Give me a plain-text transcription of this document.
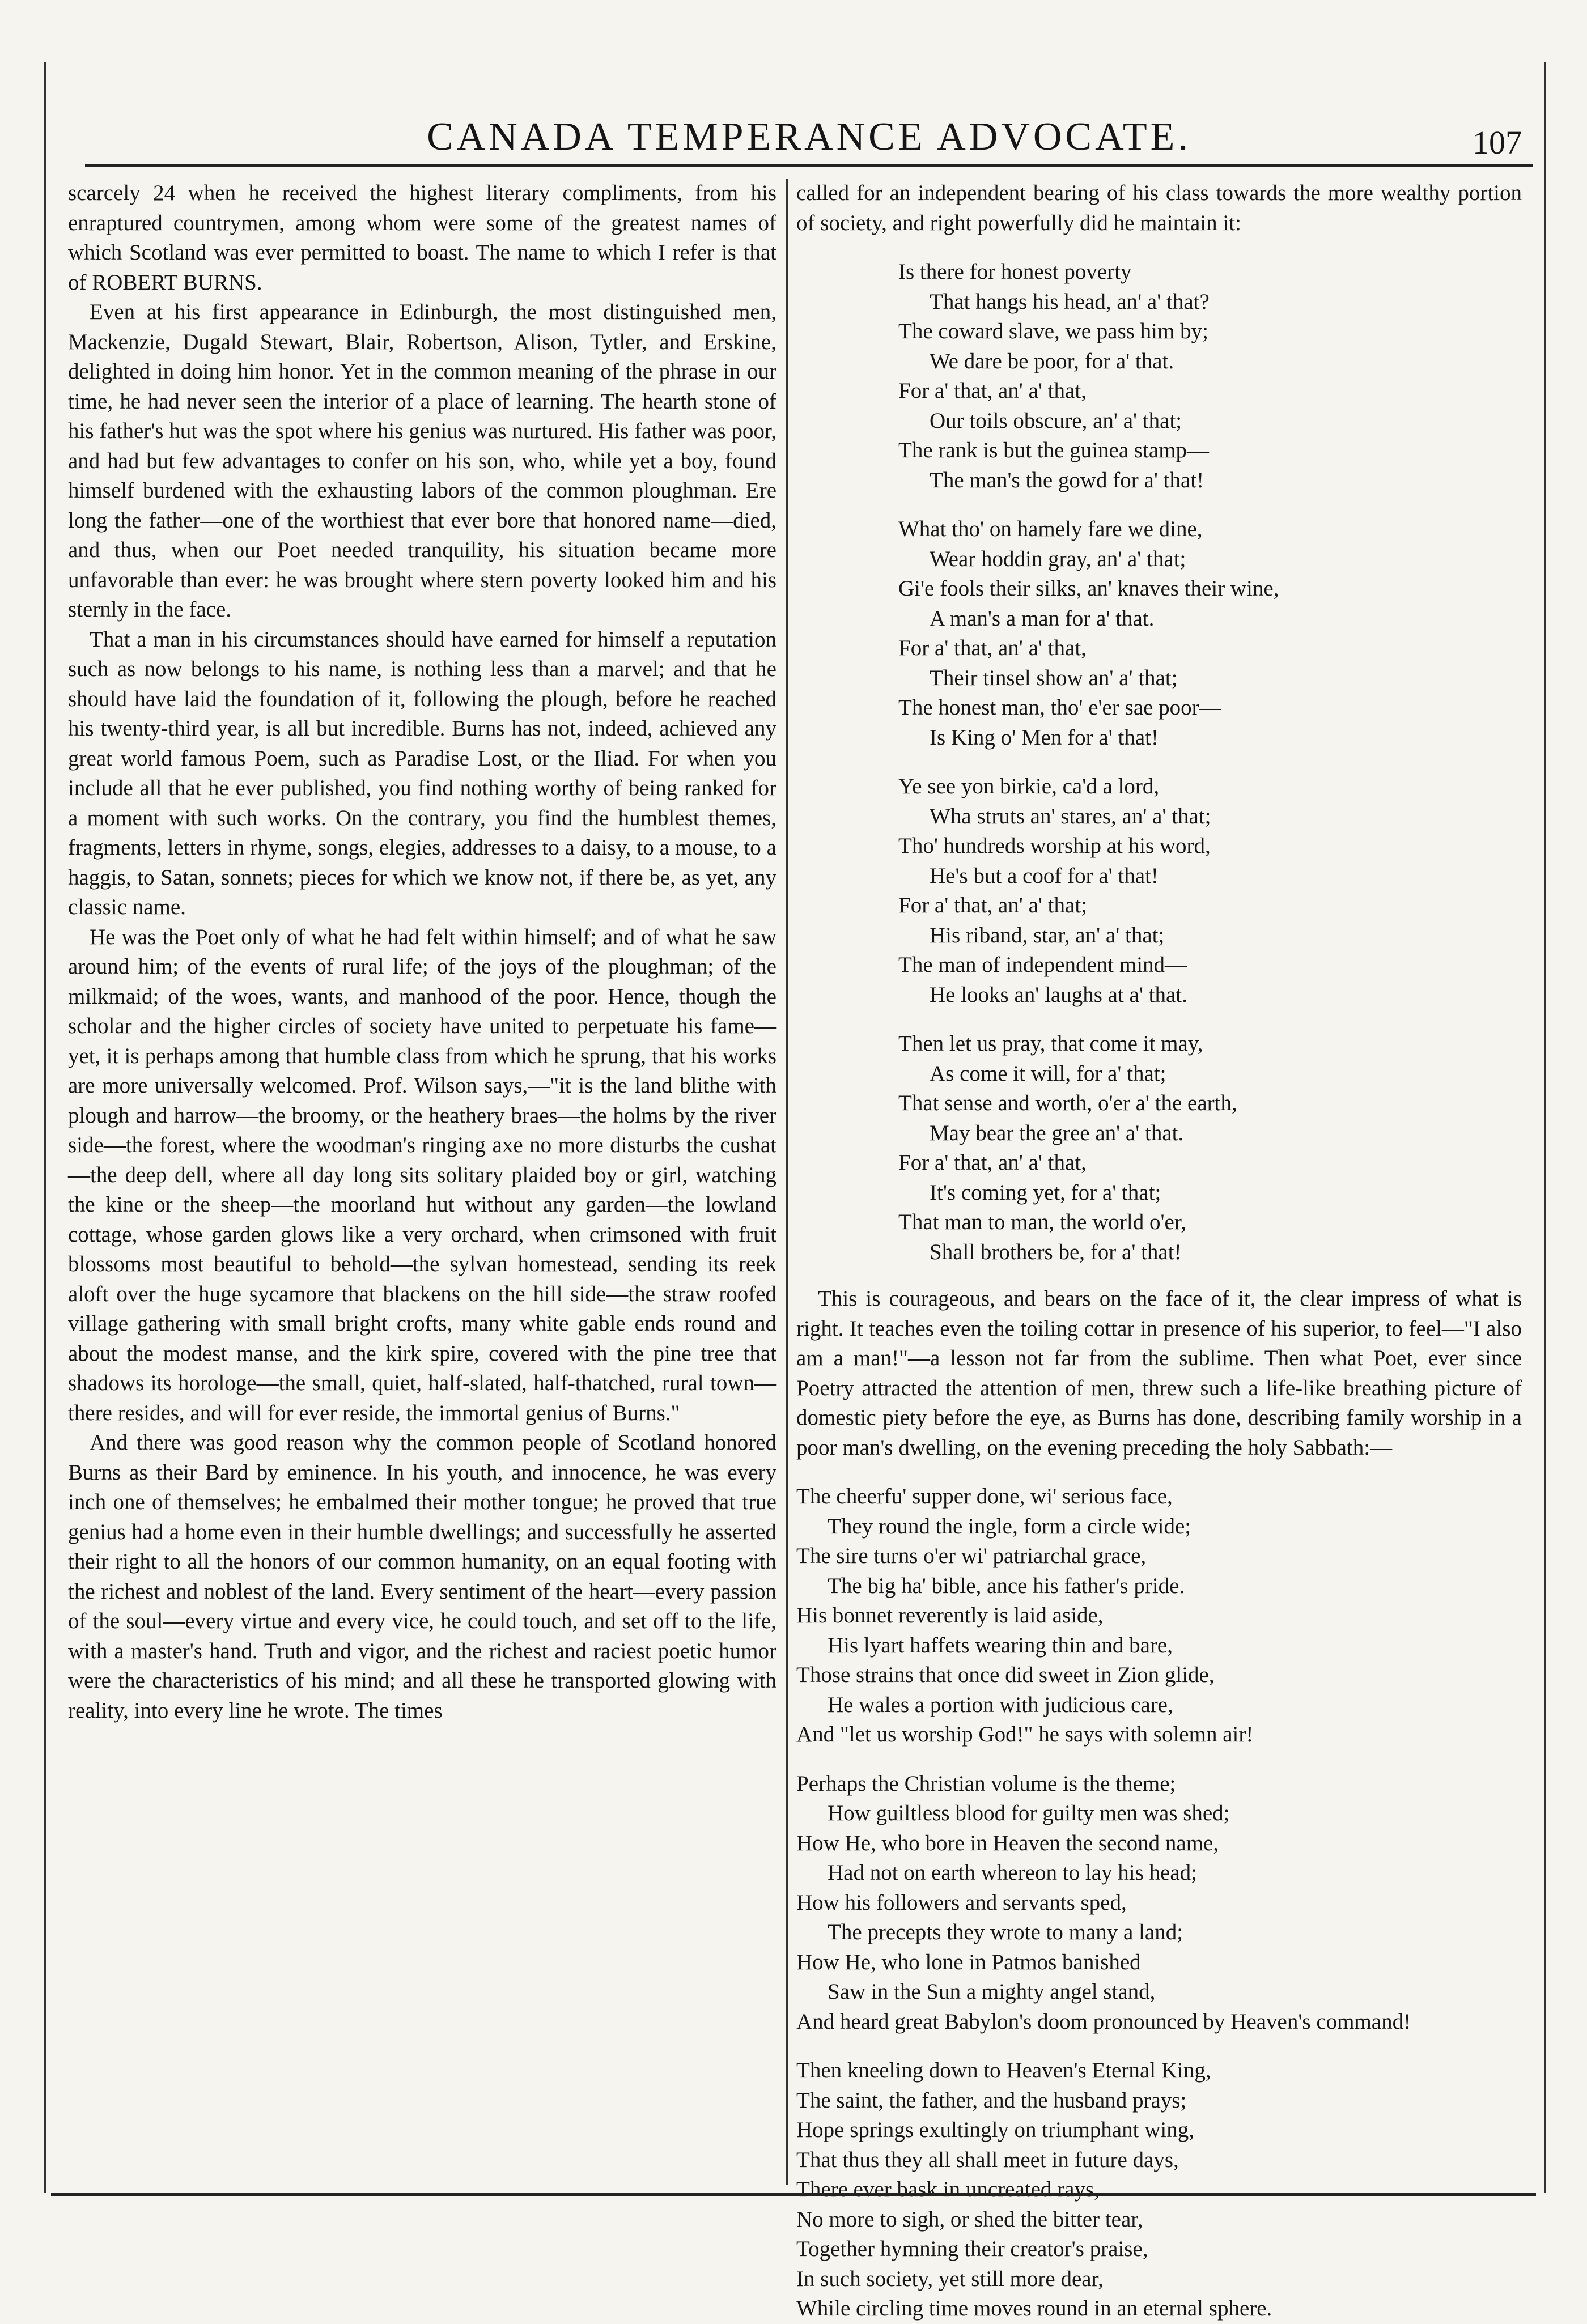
CANADA TEMPERANCE ADVOCATE.	107

scarcely 24 when he received the highest literary compliments, from his enraptured countrymen, among whom were some of the greatest names of which Scotland was ever permitted to boast. The name to which I refer is that of ROBERT BURNS.

Even at his first appearance in Edinburgh, the most distinguished men, Mackenzie, Dugald Stewart, Blair, Robertson, Alison, Tytler, and Erskine, delighted in doing him honor. Yet in the common meaning of the phrase in our time, he had never seen the interior of a place of learning. The hearth stone of his father's hut was the spot where his genius was nurtured. His father was poor, and had but few advantages to confer on his son, who, while yet a boy, found himself burdened with the exhausting labors of the common ploughman. Ere long the father—one of the worthiest that ever bore that honored name—died, and thus, when our Poet needed tranquility, his situation became more unfavorable than ever: he was brought where stern poverty looked him and his sternly in the face.

That a man in his circumstances should have earned for himself a reputation such as now belongs to his name, is nothing less than a marvel; and that he should have laid the foundation of it, following the plough, before he reached his twenty-third year, is all but incredible. Burns has not, indeed, achieved any great world famous Poem, such as Paradise Lost, or the Iliad. For when you include all that he ever published, you find nothing worthy of being ranked for a moment with such works. On the contrary, you find the humblest themes, fragments, letters in rhyme, songs, elegies, addresses to a daisy, to a mouse, to a haggis, to Satan, sonnets; pieces for which we know not, if there be, as yet, any classic name.

He was the Poet only of what he had felt within himself; and of what he saw around him; of the events of rural life; of the joys of the ploughman; of the milkmaid; of the woes, wants, and manhood of the poor. Hence, though the scholar and the higher circles of society have united to perpetuate his fame—yet, it is perhaps among that humble class from which he sprung, that his works are more universally welcomed. Prof. Wilson says,—"it is the land blithe with plough and harrow—the broomy, or the heathery braes—the holms by the river side—the forest, where the woodman's ringing axe no more disturbs the cushat—the deep dell, where all day long sits solitary plaided boy or girl, watching the kine or the sheep—the moorland hut without any garden—the lowland cottage, whose garden glows like a very orchard, when crimsoned with fruit blossoms most beautiful to behold—the sylvan homestead, sending its reek aloft over the huge sycamore that blackens on the hill side—the straw roofed village gathering with small bright crofts, many white gable ends round and about the modest manse, and the kirk spire, covered with the pine tree that shadows its horologe—the small, quiet, half-slated, half-thatched, rural town—there resides, and will for ever reside, the immortal genius of Burns."

And there was good reason why the common people of Scotland honored Burns as their Bard by eminence. In his youth, and innocence, he was every inch one of themselves; he embalmed their mother tongue; he proved that true genius had a home even in their humble dwellings; and successfully he asserted their right to all the honors of our common humanity, on an equal footing with the richest and noblest of the land. Every sentiment of the heart—every passion of the soul—every virtue and every vice, he could touch, and set off to the life, with a master's hand. Truth and vigor, and the richest and raciest poetic humor were the characteristics of his mind; and all these he transported glowing with reality, into every line he wrote. The times

called for an independent bearing of his class towards the more wealthy portion of society, and right powerfully did he maintain it:

Is there for honest poverty
That hangs his head, an' a' that?
The coward slave, we pass him by;
We dare be poor, for a' that.
For a' that, an' a' that,
Our toils obscure, an' a' that;
The rank is but the guinea stamp—
The man's the gowd for a' that!
What tho' on hamely fare we dine,
Wear hoddin gray, an' a' that;
Gi'e fools their silks, an' knaves their wine,
A man's a man for a' that.
For a' that, an' a' that,
Their tinsel show an' a' that;
The honest man, tho' e'er sae poor—
Is King o' Men for a' that!
Ye see yon birkie, ca'd a lord,
Wha struts an' stares, an' a' that;
Tho' hundreds worship at his word,
He's but a coof for a' that!
For a' that, an' a' that;
His riband, star, an' a' that;
The man of independent mind—
He looks an' laughs at a' that.
Then let us pray, that come it may,
As come it will, for a' that;
That sense and worth, o'er a' the earth,
May bear the gree an' a' that.
For a' that, an' a' that,
It's coming yet, for a' that;
That man to man, the world o'er,
Shall brothers be, for a' that!

This is courageous, and bears on the face of it, the clear impress of what is right. It teaches even the toiling cottar in presence of his superior, to feel—"I also am a man!"—a lesson not far from the sublime. Then what Poet, ever since Poetry attracted the attention of men, threw such a life-like breathing picture of domestic piety before the eye, as Burns has done, describing family worship in a poor man's dwelling, on the evening preceding the holy Sabbath:—

The cheerfu' supper done, wi' serious face,
They round the ingle, form a circle wide;
The sire turns o'er wi' patriarchal grace,
The big ha' bible, ance his father's pride.
His bonnet reverently is laid aside,
His lyart haffets wearing thin and bare,
Those strains that once did sweet in Zion glide,
He wales a portion with judicious care,
And "let us worship God!" he says with solemn air!
Perhaps the Christian volume is the theme;
How guiltless blood for guilty men was shed;
How He, who bore in Heaven the second name,
Had not on earth whereon to lay his head;
How his followers and servants sped,
The precepts they wrote to many a land;
How He, who lone in Patmos banished
Saw in the Sun a mighty angel stand,
And heard great Babylon's doom pronounced by Heaven's command!
Then kneeling down to Heaven's Eternal King,
The saint, the father, and the husband prays;
Hope springs exultingly on triumphant wing,
That thus they all shall meet in future days,
There ever bask in uncreated rays,
No more to sigh, or shed the bitter tear,
Together hymning their creator's praise,
In such society, yet still more dear,
While circling time moves round in an eternal sphere.
